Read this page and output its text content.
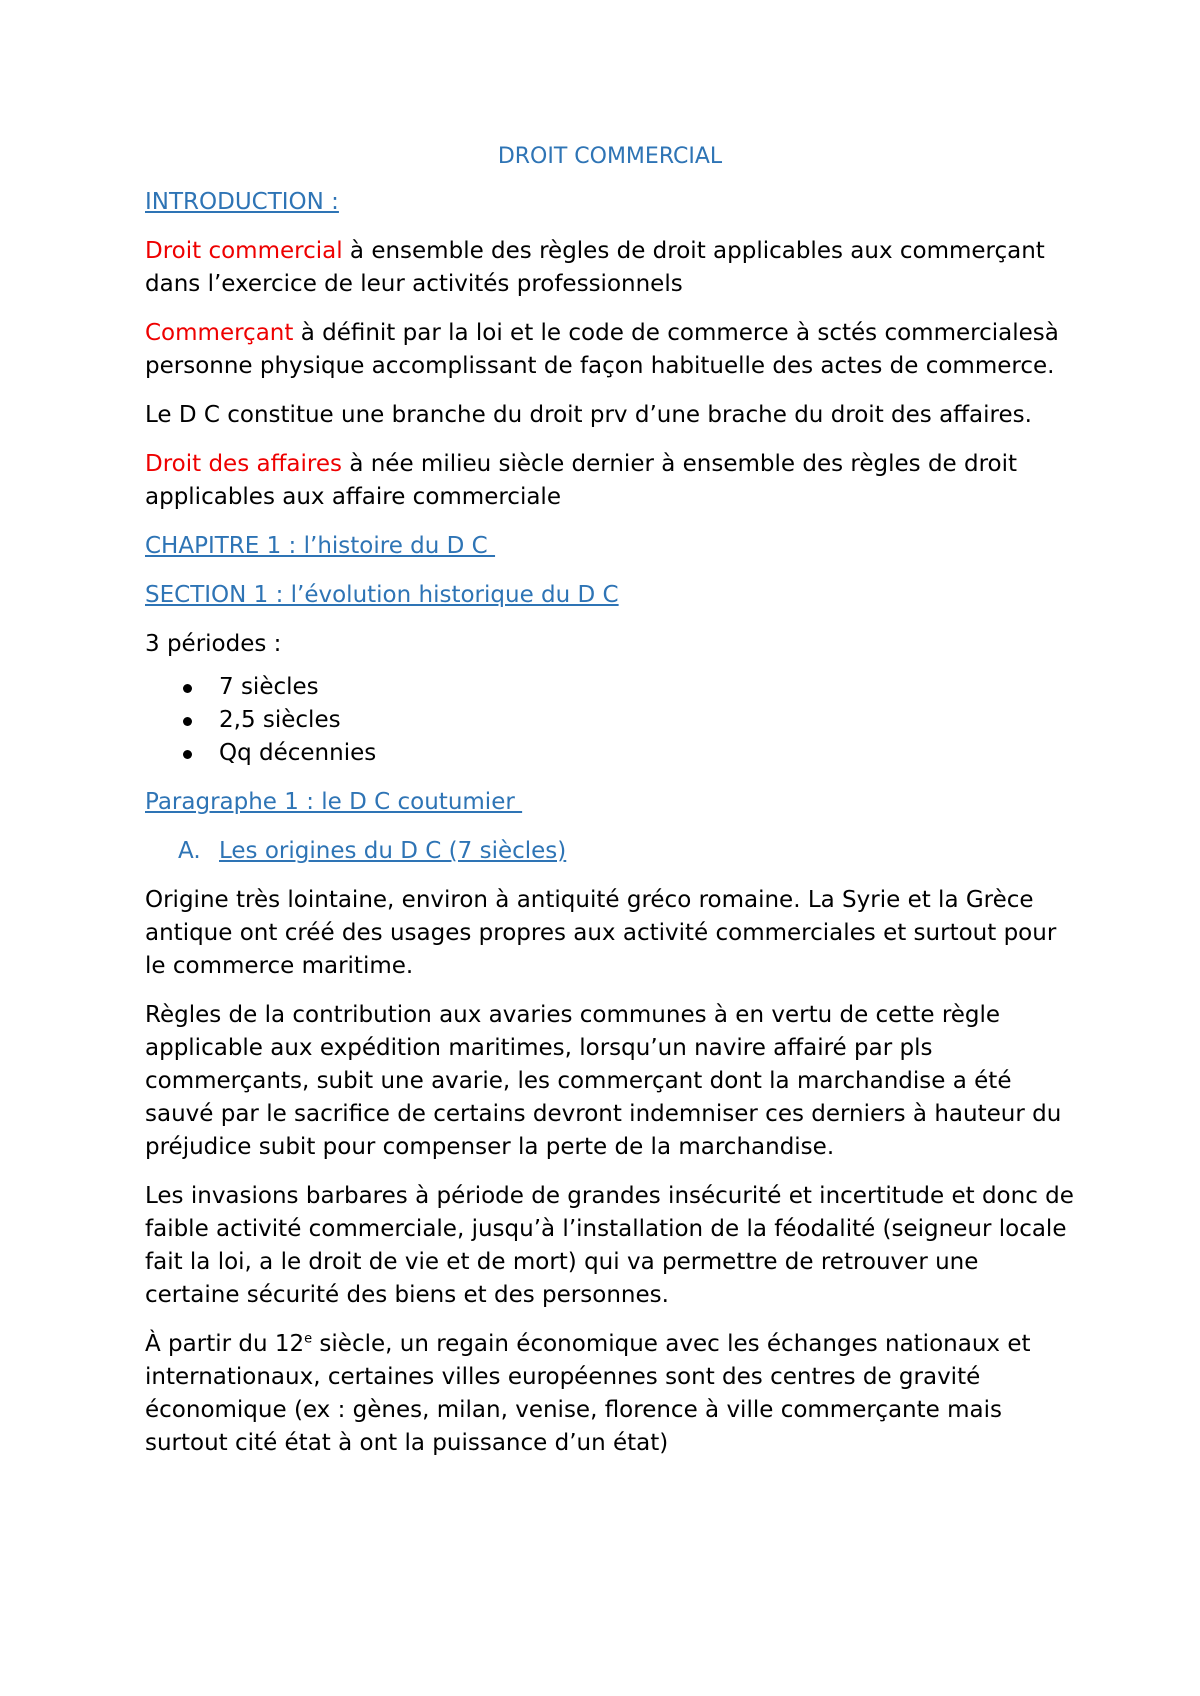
DROIT COMMERCIAL
INTRODUCTION :

Droit commercial à ensemble des règles de droit applicables aux commerçant dans l’exercice de leur activités professionnels

Commerçant à définit par la loi et le code de commerce à sctés commercialesà personne physique accomplissant de façon habituelle des actes de commerce.

Le D C constitue une branche du droit prv d’une brache du droit des affaires.

Droit des affaires à née milieu siècle dernier à ensemble des règles de droit applicables aux affaire commerciale

CHAPITRE 1 : l’histoire du D C
SECTION 1 : l’évolution historique du D C

3 périodes :

7 siècles
2,5 siècles
Qq décennies
Paragraphe 1 : le D C coutumier
A. Les origines du D C (7 siècles)

Origine très lointaine, environ à antiquité gréco romaine. La Syrie et la Grèce antique ont créé des usages propres aux activité commerciales et surtout pour le commerce maritime.

Règles de la contribution aux avaries communes à en vertu de cette règle applicable aux expédition maritimes, lorsqu’un navire affairé par pls commerçants, subit une avarie, les commerçant dont la marchandise a été sauvé par le sacrifice de certains devront indemniser ces derniers à hauteur du préjudice subit pour compenser la perte de la marchandise.

Les invasions barbares à période de grandes insécurité et incertitude et donc de faible activité commerciale, jusqu’à l’installation de la féodalité (seigneur locale fait la loi, a le droit de vie et de mort) qui va permettre de retrouver une certaine sécurité des biens et des personnes.

À partir du 12e siècle, un regain économique avec les échanges nationaux et internationaux, certaines villes européennes sont des centres de gravité économique (ex : gènes, milan, venise, florence à ville commerçante mais surtout cité état à ont la puissance d’un état)
